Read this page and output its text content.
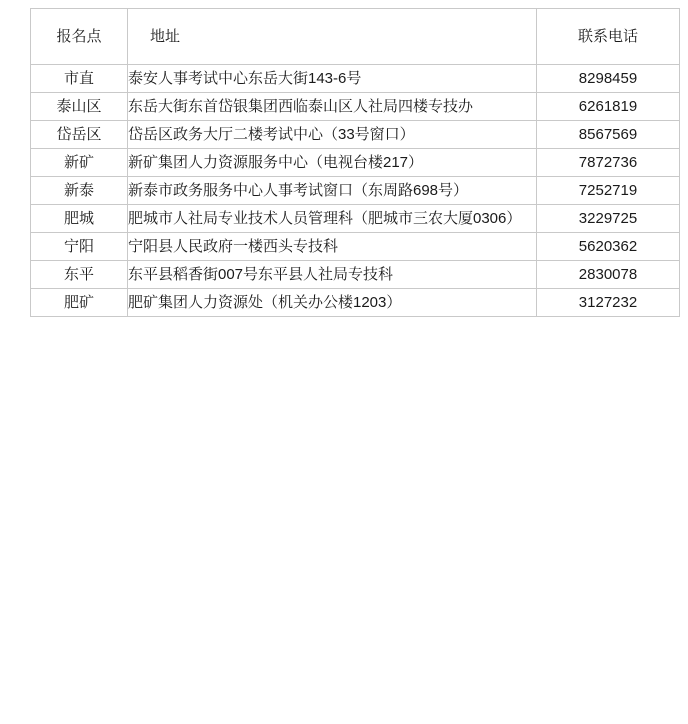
报名点	地址	联系电话

市直	泰安人事考试中心东岳大街143-6号	8298459

泰山区	东岳大街东首岱银集团西临泰山区人社局四楼专技办	6261819

岱岳区	岱岳区政务大厅二楼考试中心（33号窗口）	8567569

新矿	新矿集团人力资源服务中心（电视台楼217）	7872736

新泰	新泰市政务服务中心人事考试窗口（东周路698号）	7252719

肥城	肥城市人社局专业技术人员管理科（肥城市三农大厦0306）	3229725

宁阳	宁阳县人民政府一楼西头专技科	5620362

东平	东平县稻香街007号东平县人社局专技科	2830078

肥矿	肥矿集团人力资源处（机关办公楼1203）	3127232
